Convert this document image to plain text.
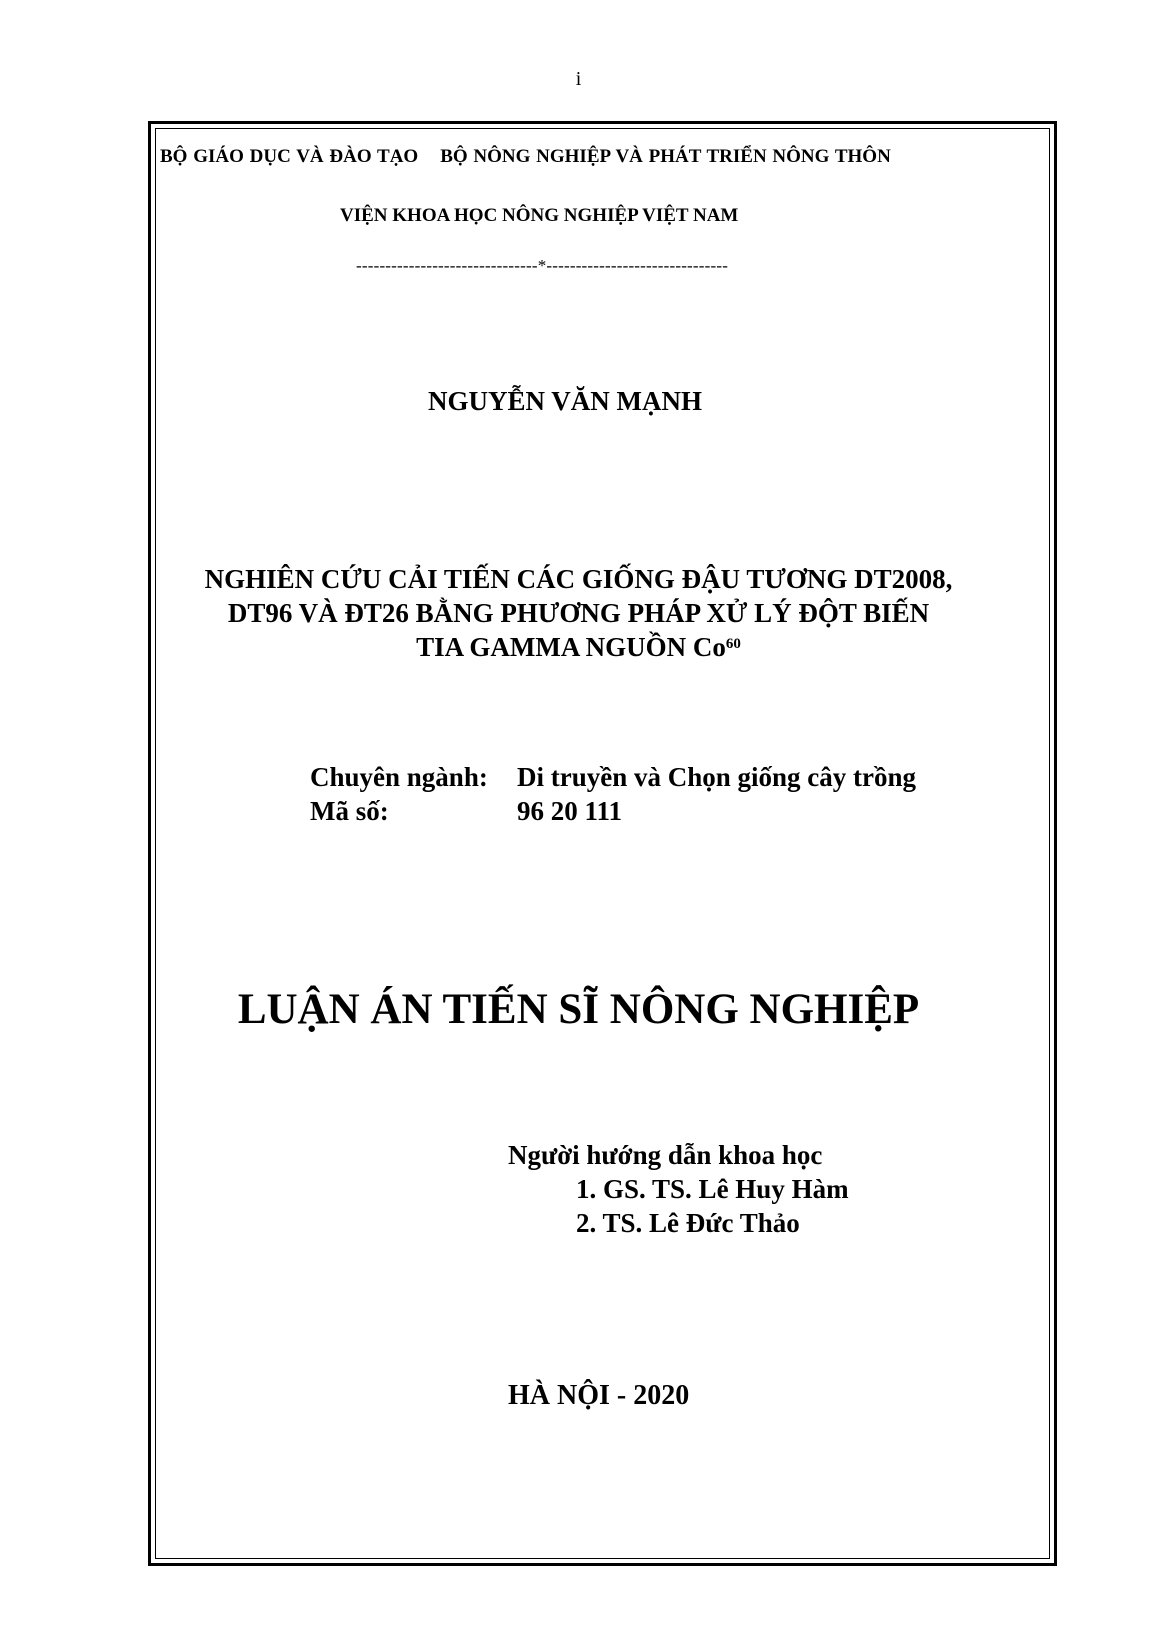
i
BỘ GIÁO DỤC VÀ ĐÀO TẠO BỘ NÔNG NGHIỆP VÀ PHÁT TRIỂN NÔNG THÔN
VIỆN KHOA HỌC NÔNG NGHIỆP VIỆT NAM
-------------------------------*-------------------------------
NGUYỄN VĂN MẠNH
NGHIÊN CỨU CẢI TIẾN CÁC GIỐNG ĐẬU TƯƠNG DT2008,
DT96 VÀ ĐT26 BẰNG PHƯƠNG PHÁP XỬ LÝ ĐỘT BIẾN
TIA GAMMA NGUỒN Co$^{60}$
Chuyên ngành: Di truyền và Chọn giống cây trồng
Mã số:	96 20 111
LUẬN ÁN TIẾN SĨ NÔNG NGHIỆP
Người hướng dẫn khoa học
1. GS. TS. Lê Huy Hàm
2. TS. Lê Đức Thảo
HÀ NỘI - 2020
